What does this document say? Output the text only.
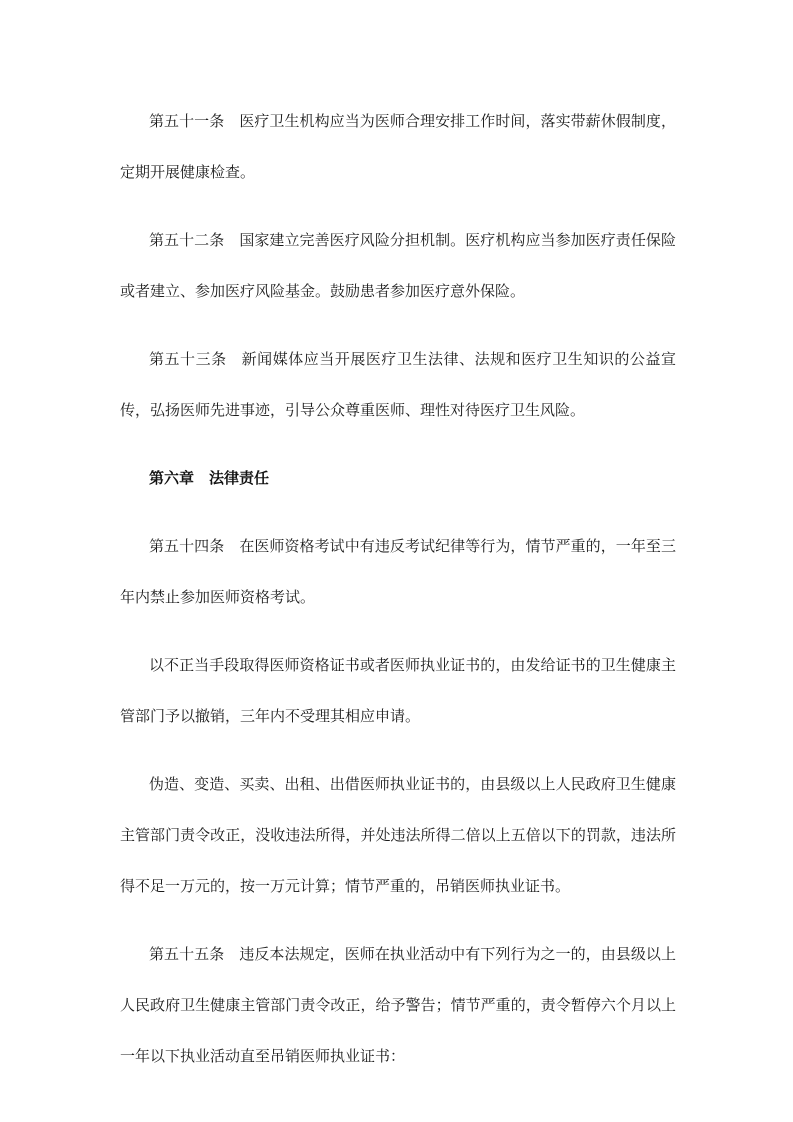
第五十一条 医疗卫生机构应当为医师合理安排工作时间，落实带薪休假制度，定期开展健康检查。

第五十二条 国家建立完善医疗风险分担机制。医疗机构应当参加医疗责任保险或者建立、参加医疗风险基金。鼓励患者参加医疗意外保险。

第五十三条 新闻媒体应当开展医疗卫生法律、法规和医疗卫生知识的公益宣传，弘扬医师先进事迹，引导公众尊重医师、理性对待医疗卫生风险。

第六章 法律责任

第五十四条 在医师资格考试中有违反考试纪律等行为，情节严重的，一年至三年内禁止参加医师资格考试。

以不正当手段取得医师资格证书或者医师执业证书的，由发给证书的卫生健康主管部门予以撤销，三年内不受理其相应申请。

伪造、变造、买卖、出租、出借医师执业证书的，由县级以上人民政府卫生健康主管部门责令改正，没收违法所得，并处违法所得二倍以上五倍以下的罚款，违法所得不足一万元的，按一万元计算；情节严重的，吊销医师执业证书。

第五十五条 违反本法规定，医师在执业活动中有下列行为之一的，由县级以上人民政府卫生健康主管部门责令改正，给予警告；情节严重的，责令暂停六个月以上一年以下执业活动直至吊销医师执业证书：
